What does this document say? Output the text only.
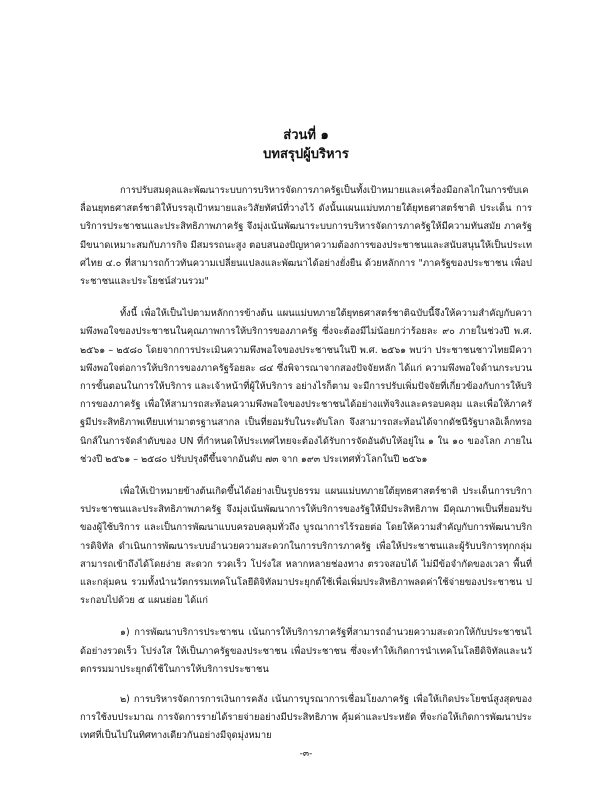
ส่วนที่ ๑
บทสรุปผู้บริหาร

การปรับสมดุลและพัฒนาระบบการบริหารจัดการภาครัฐเป็นทั้งเป้าหมายและเครื่องมือกลไกในการขับเคลื่อนยุทธศาสตร์ชาติให้บรรลุเป้าหมายและวิสัยทัศน์ที่วางไว้ ดังนั้นแผนแม่บทภายใต้ยุทธศาสตร์ชาติ ประเด็น การบริการประชาชนและประสิทธิภาพภาครัฐ จึงมุ่งเน้นพัฒนาระบบการบริหารจัดการภาครัฐให้มีความทันสมัย ภาครัฐมีขนาดเหมาะสมกับภารกิจ มีสมรรถนะสูง ตอบสนองปัญหาความต้องการของประชาชนและสนับสนุนให้เป็นประเทศไทย ๔.๐ ที่สามารถก้าวทันความเปลี่ยนแปลงและพัฒนาได้อย่างยั่งยืน ด้วยหลักการ "ภาครัฐของประชาชน เพื่อประชาชนและประโยชน์ส่วนรวม"

ทั้งนี้ เพื่อให้เป็นไปตามหลักการข้างต้น แผนแม่บทภายใต้ยุทธศาสตร์ชาติฉบับนี้จึงให้ความสำคัญกับความพึงพอใจของประชาชนในคุณภาพการให้บริการของภาครัฐ ซึ่งจะต้องมีไม่น้อยกว่าร้อยละ ๙๐ ภายในช่วงปี พ.ศ. ๒๕๖๑ – ๒๕๘๐ โดยจากการประเมินความพึงพอใจของประชาชนในปี พ.ศ. ๒๕๖๑ พบว่า ประชาชนชาวไทยมีความพึงพอใจต่อการให้บริการของภาครัฐร้อยละ ๘๔ ซึ่งพิจารณาจากสองปัจจัยหลัก ได้แก่ ความพึงพอใจด้านกระบวนการขั้นตอนในการให้บริการ และเจ้าหน้าที่ผู้ให้บริการ อย่างไรก็ตาม จะมีการปรับเพิ่มปัจจัยที่เกี่ยวข้องกับการให้บริการของภาครัฐ เพื่อให้สามารถสะท้อนความพึงพอใจของประชาชนได้อย่างแท้จริงและครอบคลุม และเพื่อให้ภาครัฐมีประสิทธิภาพเทียบเท่ามาตรฐานสากล เป็นที่ยอมรับในระดับโลก จึงสามารถสะท้อนได้จากดัชนีรัฐบาลอิเล็กทรอนิกส์ในการจัดลำดับของ UN ที่กำหนดให้ประเทศไทยจะต้องได้รับการจัดอันดับให้อยู่ใน ๑ ใน ๑๐ ของโลก ภายในช่วงปี ๒๕๖๑ – ๒๕๘๐ ปรับปรุงดีขึ้นจากอันดับ ๗๓ จาก ๑๙๓ ประเทศทั่วโลกในปี ๒๕๖๑

เพื่อให้เป้าหมายข้างต้นเกิดขึ้นได้อย่างเป็นรูปธรรม แผนแม่บทภายใต้ยุทธศาสตร์ชาติ ประเด็นการบริการประชาชนและประสิทธิภาพภาครัฐ จึงมุ่งเน้นพัฒนาการให้บริการของรัฐให้มีประสิทธิภาพ มีคุณภาพเป็นที่ยอมรับของผู้ใช้บริการ และเป็นการพัฒนาแบบครอบคลุมทั่วถึง บูรณาการไร้รอยต่อ โดยให้ความสำคัญกับการพัฒนาบริการดิจิทัล ดำเนินการพัฒนาระบบอำนวยความสะดวกในการบริการภาครัฐ เพื่อให้ประชาชนและผู้รับบริการทุกกลุ่มสามารถเข้าถึงได้โดยง่าย สะดวก รวดเร็ว โปร่งใส หลากหลายช่องทาง ตรวจสอบได้ ไม่มีข้อจำกัดของเวลา พื้นที่ และกลุ่มคน รวมทั้งนำนวัตกรรมเทคโนโลยีดิจิทัลมาประยุกต์ใช้เพื่อเพิ่มประสิทธิภาพลดค่าใช้จ่ายของประชาชน ประกอบไปด้วย ๕ แผนย่อย ได้แก่

๑) การพัฒนาบริการประชาชน เน้นการให้บริการภาครัฐที่สามารถอำนวยความสะดวกให้กับประชาชนได้อย่างรวดเร็ว โปร่งใส ให้เป็นภาครัฐของประชาชน เพื่อประชาชน ซึ่งจะทำให้เกิดการนำเทคโนโลยีดิจิทัลและนวัตกรรมมาประยุกต์ใช้ในการให้บริการประชาชน

๒) การบริหารจัดการการเงินการคลัง เน้นการบูรณาการเชื่อมโยงภาครัฐ เพื่อให้เกิดประโยชน์สูงสุดของการใช้งบประมาณ การจัดการรายได้รายจ่ายอย่างมีประสิทธิภาพ คุ้มค่าและประหยัด ที่จะก่อให้เกิดการพัฒนาประเทศที่เป็นไปในทิศทางเดียวกันอย่างมีจุดมุ่งหมาย

-๓-
